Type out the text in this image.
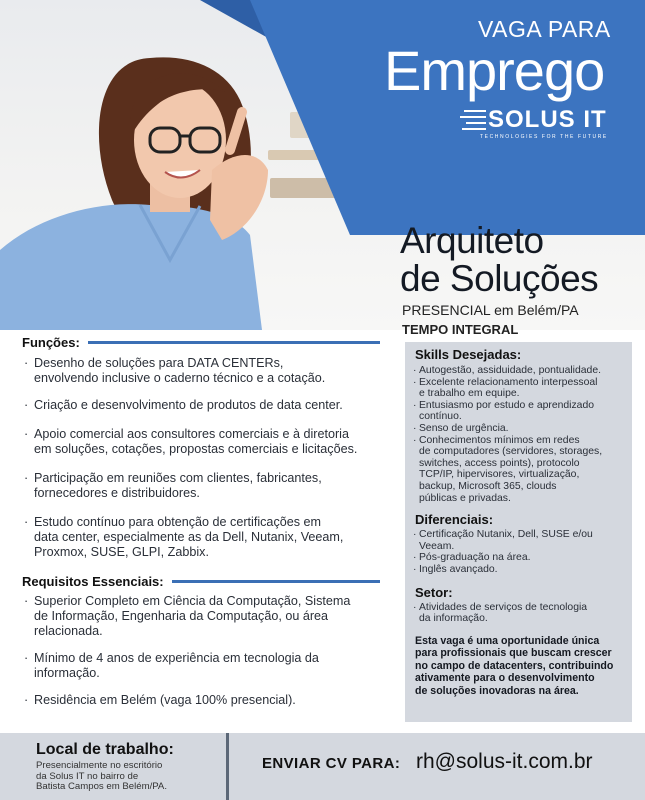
VAGA PARA
Emprego
SOLUS IT
TECHNOLOGIES FOR THE FUTURE
Arquiteto
de Soluções
PRESENCIAL em Belém/PA
TEMPO INTEGRAL
Funções:
· Desenho de soluções para DATA CENTERs,
envolvendo inclusive o caderno técnico e a cotação.
· Criação e desenvolvimento de produtos de data center.
· Apoio comercial aos consultores comerciais e à diretoria
em soluções, cotações, propostas comerciais e licitações.
· Participação em reuniões com clientes, fabricantes,
fornecedores e distribuidores.
· Estudo contínuo para obtenção de certificações em
data center, especialmente as da Dell, Nutanix, Veeam,
Proxmox, SUSE, GLPI, Zabbix.
Requisitos Essenciais:
· Superior Completo em Ciência da Computação, Sistema
de Informação, Engenharia da Computação, ou área
relacionada.
· Mínimo de 4 anos de experiência em tecnologia da
informação.
· Residência em Belém (vaga 100% presencial).
Skills Desejadas:
· Autogestão, assiduidade, pontualidade.
· Excelente relacionamento interpessoal
e trabalho em equipe.
· Entusiasmo por estudo e aprendizado
contínuo.
· Senso de urgência.
· Conhecimentos mínimos em redes
de computadores (servidores, storages,
switches, access points), protocolo
TCP/IP, hipervisores, virtualização,
backup, Microsoft 365, clouds
públicas e privadas.
Diferenciais:
· Certificação Nutanix, Dell, SUSE e/ou
Veeam.
· Pós-graduação na área.
· Inglês avançado.
Setor:
· Atividades de serviços de tecnologia
da informação.
Esta vaga é uma oportunidade única
para profissionais que buscam crescer
no campo de datacenters, contribuindo
ativamente para o desenvolvimento
de soluções inovadoras na área.
Local de trabalho:
Presencialmente no escritório
da Solus IT no bairro de
Batista Campos em Belém/PA.
ENVIAR CV PARA: rh@solus-it.com.br
